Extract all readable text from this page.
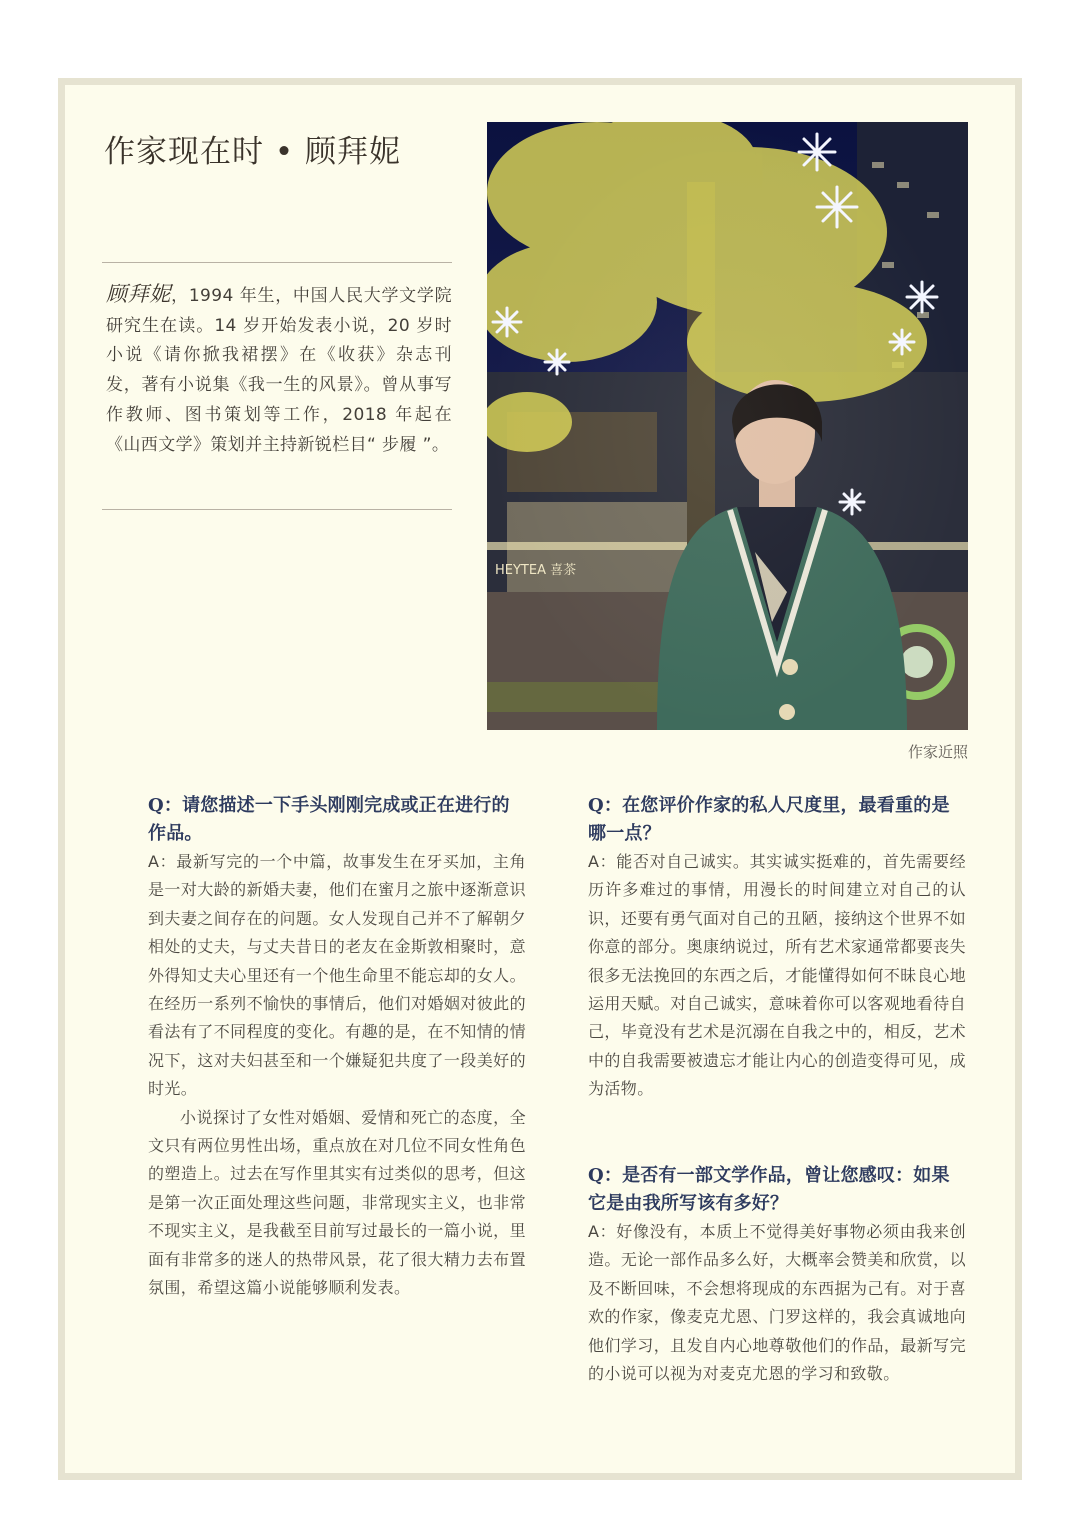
作家现在时 • 顾拜妮

顾拜妮，1994 年生，中国人民大学文学院研究生在读。14 岁开始发表小说，20 岁时小说《请你掀我裙摆》在《收获》杂志刊发，著有小说集《我一生的风景》。曾从事写作教师、图书策划等工作，2018 年起在《山西文学》策划并主持新锐栏目“ 步履 ”。

HEYTEA 喜茶
作家近照

Q：请您描述一下手头刚刚完成或正在进行的作品。

A：最新写完的一个中篇，故事发生在牙买加，主角是一对大龄的新婚夫妻，他们在蜜月之旅中逐渐意识到夫妻之间存在的问题。女人发现自己并不了解朝夕相处的丈夫，与丈夫昔日的老友在金斯敦相聚时，意外得知丈夫心里还有一个他生命里不能忘却的女人。在经历一系列不愉快的事情后，他们对婚姻对彼此的看法有了不同程度的变化。有趣的是，在不知情的情况下，这对夫妇甚至和一个嫌疑犯共度了一段美好的时光。

小说探讨了女性对婚姻、爱情和死亡的态度，全文只有两位男性出场，重点放在对几位不同女性角色的塑造上。过去在写作里其实有过类似的思考，但这是第一次正面处理这些问题，非常现实主义，也非常不现实主义，是我截至目前写过最长的一篇小说，里面有非常多的迷人的热带风景，花了很大精力去布置氛围，希望这篇小说能够顺利发表。

Q：在您评价作家的私人尺度里，最看重的是哪一点？

A：能否对自己诚实。其实诚实挺难的，首先需要经历许多难过的事情，用漫长的时间建立对自己的认识，还要有勇气面对自己的丑陋，接纳这个世界不如你意的部分。奥康纳说过，所有艺术家通常都要丧失很多无法挽回的东西之后，才能懂得如何不昧良心地运用天赋。对自己诚实，意味着你可以客观地看待自己，毕竟没有艺术是沉溺在自我之中的，相反，艺术中的自我需要被遗忘才能让内心的创造变得可见，成为活物。

Q：是否有一部文学作品，曾让您感叹：如果它是由我所写该有多好？

A：好像没有，本质上不觉得美好事物必须由我来创造。无论一部作品多么好，大概率会赞美和欣赏，以及不断回味，不会想将现成的东西据为己有。对于喜欢的作家，像麦克尤恩、门罗这样的，我会真诚地向他们学习，且发自内心地尊敬他们的作品，最新写完的小说可以视为对麦克尤恩的学习和致敬。
